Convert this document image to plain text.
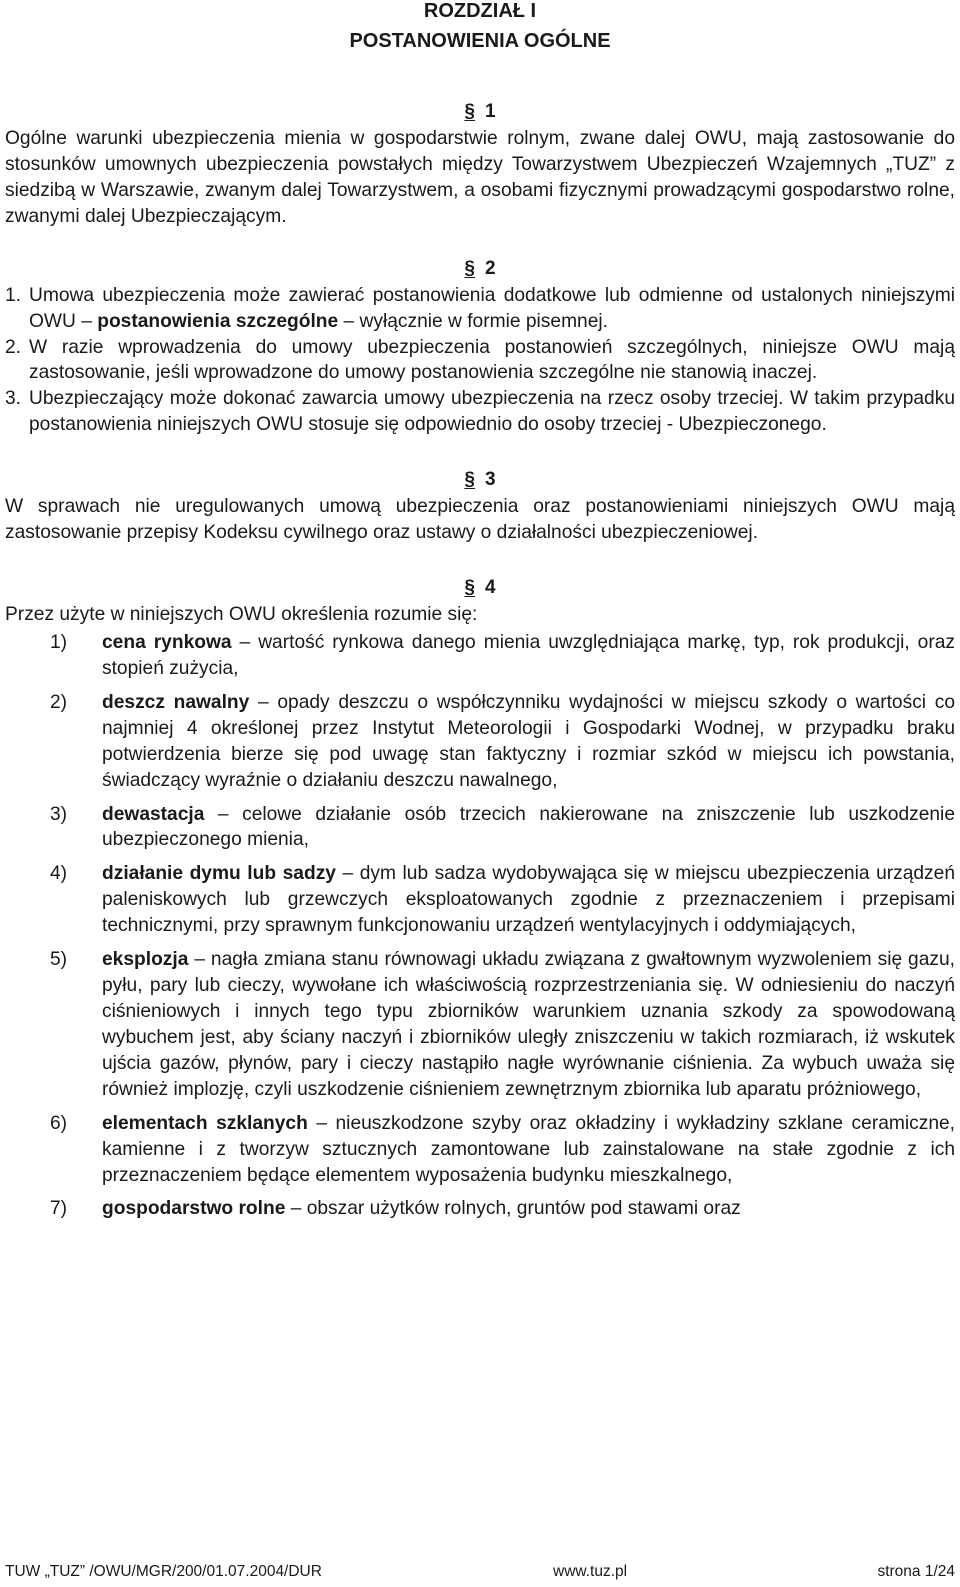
ROZDZIAŁ I
POSTANOWIENIA OGÓLNE
§ 1

Ogólne warunki ubezpieczenia mienia w gospodarstwie rolnym, zwane dalej OWU, mają zastosowanie do stosunków umownych ubezpieczenia powstałych między Towarzystwem Ubezpieczeń Wzajemnych „TUZ” z siedzibą w Warszawie, zwanym dalej Towarzystwem, a osobami fizycznymi prowadzącymi gospodarstwo rolne, zwanymi dalej Ubezpieczającym.

§ 2
1. Umowa ubezpieczenia może zawierać postanowienia dodatkowe lub odmienne od ustalonych niniejszymi OWU – postanowienia szczególne – wyłącznie w formie pisemnej.
2. W razie wprowadzenia do umowy ubezpieczenia postanowień szczególnych, niniejsze OWU mają zastosowanie, jeśli wprowadzone do umowy postanowienia szczególne nie stanowią inaczej.
3. Ubezpieczający może dokonać zawarcia umowy ubezpieczenia na rzecz osoby trzeciej. W takim przypadku postanowienia niniejszych OWU stosuje się odpowiednio do osoby trzeciej - Ubezpieczonego.
§ 3

W sprawach nie uregulowanych umową ubezpieczenia oraz postanowieniami niniejszych OWU mają zastosowanie przepisy Kodeksu cywilnego oraz ustawy o działalności ubezpieczeniowej.

§ 4

Przez użyte w niniejszych OWU określenia rozumie się:

1)	cena rynkowa – wartość rynkowa danego mienia uwzględniająca markę, typ, rok produkcji, oraz stopień zużycia,
2)	deszcz nawalny – opady deszczu o współczynniku wydajności w miejscu szkody o wartości co najmniej 4 określonej przez Instytut Meteorologii i Gospodarki Wodnej, w przypadku braku potwierdzenia bierze się pod uwagę stan faktyczny i rozmiar szkód w miejscu ich powstania, świadczący wyraźnie o działaniu deszczu nawalnego,
3)	dewastacja – celowe działanie osób trzecich nakierowane na zniszczenie lub uszkodzenie ubezpieczonego mienia,
4)	działanie dymu lub sadzy – dym lub sadza wydobywająca się w miejscu ubezpieczenia urządzeń paleniskowych lub grzewczych eksploatowanych zgodnie z przeznaczeniem i przepisami technicznymi, przy sprawnym funkcjonowaniu urządzeń wentylacyjnych i oddymiających,
5)	eksplozja – nagła zmiana stanu równowagi układu związana z gwałtownym wyzwoleniem się gazu, pyłu, pary lub cieczy, wywołane ich właściwością rozprzestrzeniania się. W odniesieniu do naczyń ciśnieniowych i innych tego typu zbiorników warunkiem uznania szkody za spowodowaną wybuchem jest, aby ściany naczyń i zbiorników uległy zniszczeniu w takich rozmiarach, iż wskutek ujścia gazów, płynów, pary i cieczy nastąpiło nagłe wyrównanie ciśnienia. Za wybuch uważa się również implozję, czyli uszkodzenie ciśnieniem zewnętrznym zbiornika lub aparatu próżniowego,
6)	elementach szklanych – nieuszkodzone szyby oraz okładziny i wykładziny szklane ceramiczne, kamienne i z tworzyw sztucznych zamontowane lub zainstalowane na stałe zgodnie z ich przeznaczeniem będące elementem wyposażenia budynku mieszkalnego,
7)	gospodarstwo rolne – obszar użytków rolnych, gruntów pod stawami oraz
TUW „TUZ” /OWU/MGR/200/01.07.2004/DUR	www.tuz.pl	strona 1/24
